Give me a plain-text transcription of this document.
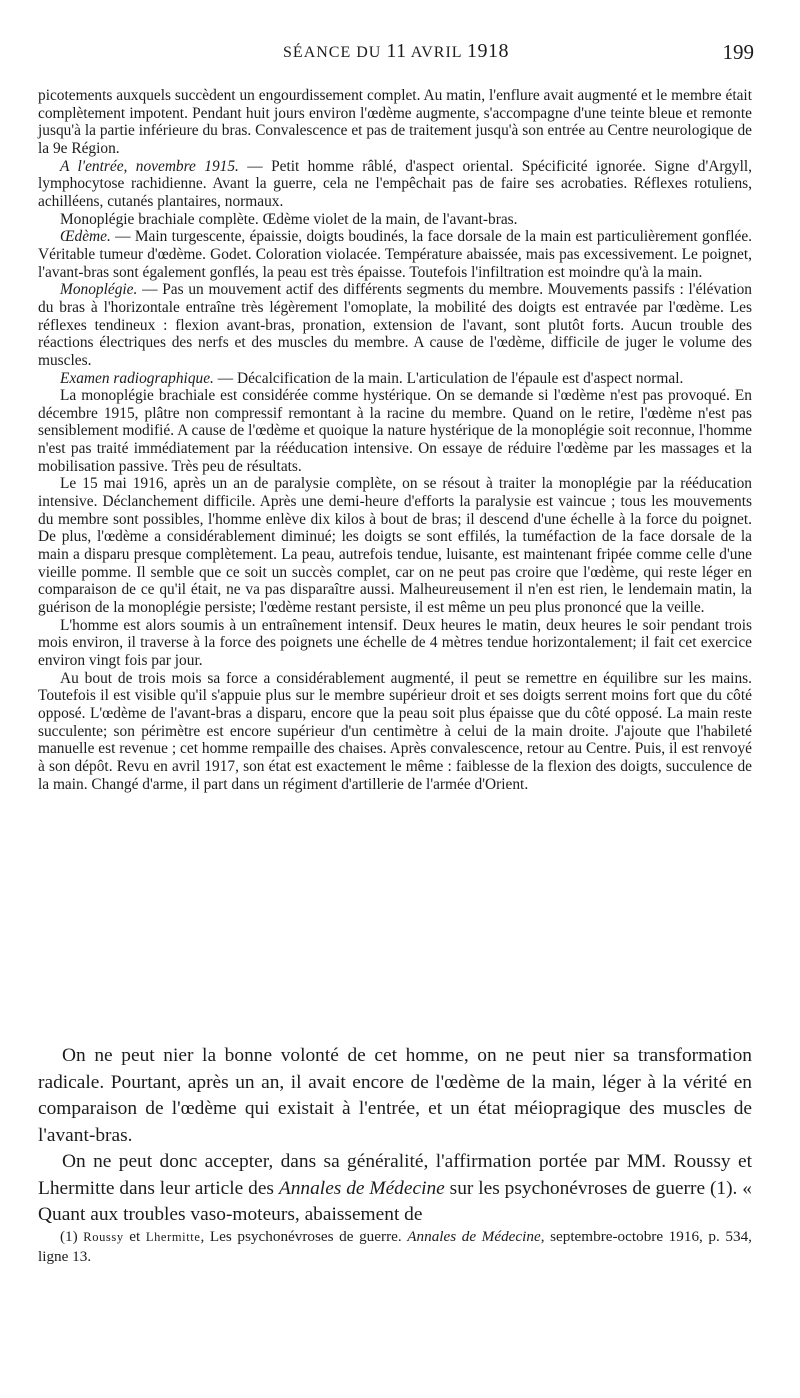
SÉANCE DU 11 AVRIL 1918	199

picotements auxquels succèdent un engourdissement complet. Au matin, l'enflure avait augmenté et le membre était complètement impotent. Pendant huit jours environ l'œdème augmente, s'accompagne d'une teinte bleue et remonte jusqu'à la partie inférieure du bras. Convalescence et pas de traitement jusqu'à son entrée au Centre neurologique de la 9e Région.

A l'entrée, novembre 1915. — Petit homme râblé, d'aspect oriental. Spécificité ignorée. Signe d'Argyll, lymphocytose rachidienne. Avant la guerre, cela ne l'empêchait pas de faire ses acrobaties. Réflexes rotuliens, achilléens, cutanés plantaires, normaux.

Monoplégie brachiale complète. Œdème violet de la main, de l'avant-bras.

Œdème. — Main turgescente, épaissie, doigts boudinés, la face dorsale de la main est particulièrement gonflée. Véritable tumeur d'œdème. Godet. Coloration violacée. Température abaissée, mais pas excessivement. Le poignet, l'avant-bras sont également gonflés, la peau est très épaisse. Toutefois l'infiltration est moindre qu'à la main.

Monoplégie. — Pas un mouvement actif des différents segments du membre. Mouvements passifs : l'élévation du bras à l'horizontale entraîne très légèrement l'omoplate, la mobilité des doigts est entravée par l'œdème. Les réflexes tendineux : flexion avant-bras, pronation, extension de l'avant, sont plutôt forts. Aucun trouble des réactions électriques des nerfs et des muscles du membre. A cause de l'œdème, difficile de juger le volume des muscles.

Examen radiographique. — Décalcification de la main. L'articulation de l'épaule est d'aspect normal.

La monoplégie brachiale est considérée comme hystérique. On se demande si l'œdème n'est pas provoqué. En décembre 1915, plâtre non compressif remontant à la racine du membre. Quand on le retire, l'œdème n'est pas sensiblement modifié. A cause de l'œdème et quoique la nature hystérique de la monoplégie soit reconnue, l'homme n'est pas traité immédiatement par la rééducation intensive. On essaye de réduire l'œdème par les massages et la mobilisation passive. Très peu de résultats.

Le 15 mai 1916, après un an de paralysie complète, on se résout à traiter la monoplégie par la rééducation intensive. Déclanchement difficile. Après une demi-heure d'efforts la paralysie est vaincue ; tous les mouvements du membre sont possibles, l'homme enlève dix kilos à bout de bras; il descend d'une échelle à la force du poignet. De plus, l'œdème a considérablement diminué; les doigts se sont effilés, la tuméfaction de la face dorsale de la main a disparu presque complètement. La peau, autrefois tendue, luisante, est maintenant fripée comme celle d'une vieille pomme. Il semble que ce soit un succès complet, car on ne peut pas croire que l'œdème, qui reste léger en comparaison de ce qu'il était, ne va pas disparaître aussi. Malheureusement il n'en est rien, le lendemain matin, la guérison de la monoplégie persiste; l'œdème restant persiste, il est même un peu plus prononcé que la veille.

L'homme est alors soumis à un entraînement intensif. Deux heures le matin, deux heures le soir pendant trois mois environ, il traverse à la force des poignets une échelle de 4 mètres tendue horizontalement; il fait cet exercice environ vingt fois par jour.

Au bout de trois mois sa force a considérablement augmenté, il peut se remettre en équilibre sur les mains. Toutefois il est visible qu'il s'appuie plus sur le membre supérieur droit et ses doigts serrent moins fort que du côté opposé. L'œdème de l'avant-bras a disparu, encore que la peau soit plus épaisse que du côté opposé. La main reste succulente; son périmètre est encore supérieur d'un centimètre à celui de la main droite. J'ajoute que l'habileté manuelle est revenue ; cet homme rempaille des chaises. Après convalescence, retour au Centre. Puis, il est renvoyé à son dépôt. Revu en avril 1917, son état est exactement le même : faiblesse de la flexion des doigts, succulence de la main. Changé d'arme, il part dans un régiment d'artillerie de l'armée d'Orient.

On ne peut nier la bonne volonté de cet homme, on ne peut nier sa transformation radicale. Pourtant, après un an, il avait encore de l'œdème de la main, léger à la vérité en comparaison de l'œdème qui existait à l'entrée, et un état méiopragique des muscles de l'avant-bras.

On ne peut donc accepter, dans sa généralité, l'affirmation portée par MM. Roussy et Lhermitte dans leur article des Annales de Médecine sur les psychonévroses de guerre (1). « Quant aux troubles vaso-moteurs, abaissement de

(1) Roussy et Lhermitte, Les psychonévroses de guerre. Annales de Médecine, septembre-octobre 1916, p. 534, ligne 13.
